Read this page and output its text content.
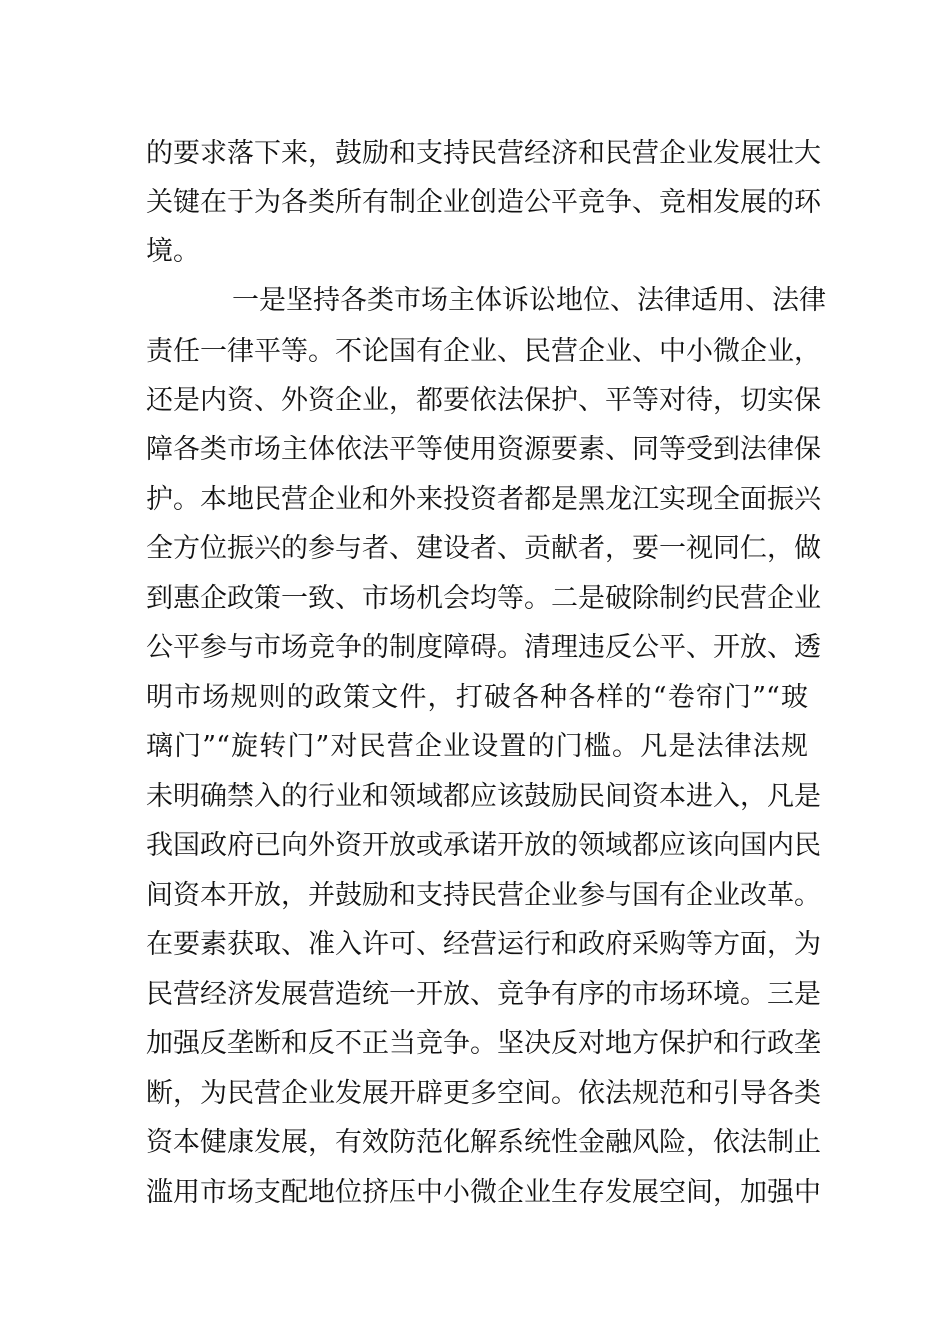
的要求落下来，鼓励和支持民营经济和民营企业发展壮大
关键在于为各类所有制企业创造公平竞争、竞相发展的环
境。
一是坚持各类市场主体诉讼地位、法律适用、法律
责任一律平等。不论国有企业、民营企业、中小微企业，
还是内资、外资企业，都要依法保护、平等对待，切实保
障各类市场主体依法平等使用资源要素、同等受到法律保
护。本地民营企业和外来投资者都是黑龙江实现全面振兴
全方位振兴的参与者、建设者、贡献者，要一视同仁，做
到惠企政策一致、市场机会均等。二是破除制约民营企业
公平参与市场竞争的制度障碍。清理违反公平、开放、透
明市场规则的政策文件，打破各种各样的“卷帘门”“玻
璃门”“旋转门”对民营企业设置的门槛。凡是法律法规
未明确禁入的行业和领域都应该鼓励民间资本进入，凡是
我国政府已向外资开放或承诺开放的领域都应该向国内民
间资本开放，并鼓励和支持民营企业参与国有企业改革。
在要素获取、准入许可、经营运行和政府采购等方面，为
民营经济发展营造统一开放、竞争有序的市场环境。三是
加强反垄断和反不正当竞争。坚决反对地方保护和行政垄
断，为民营企业发展开辟更多空间。依法规范和引导各类
资本健康发展，有效防范化解系统性金融风险，依法制止
滥用市场支配地位挤压中小微企业生存发展空间，加强中
